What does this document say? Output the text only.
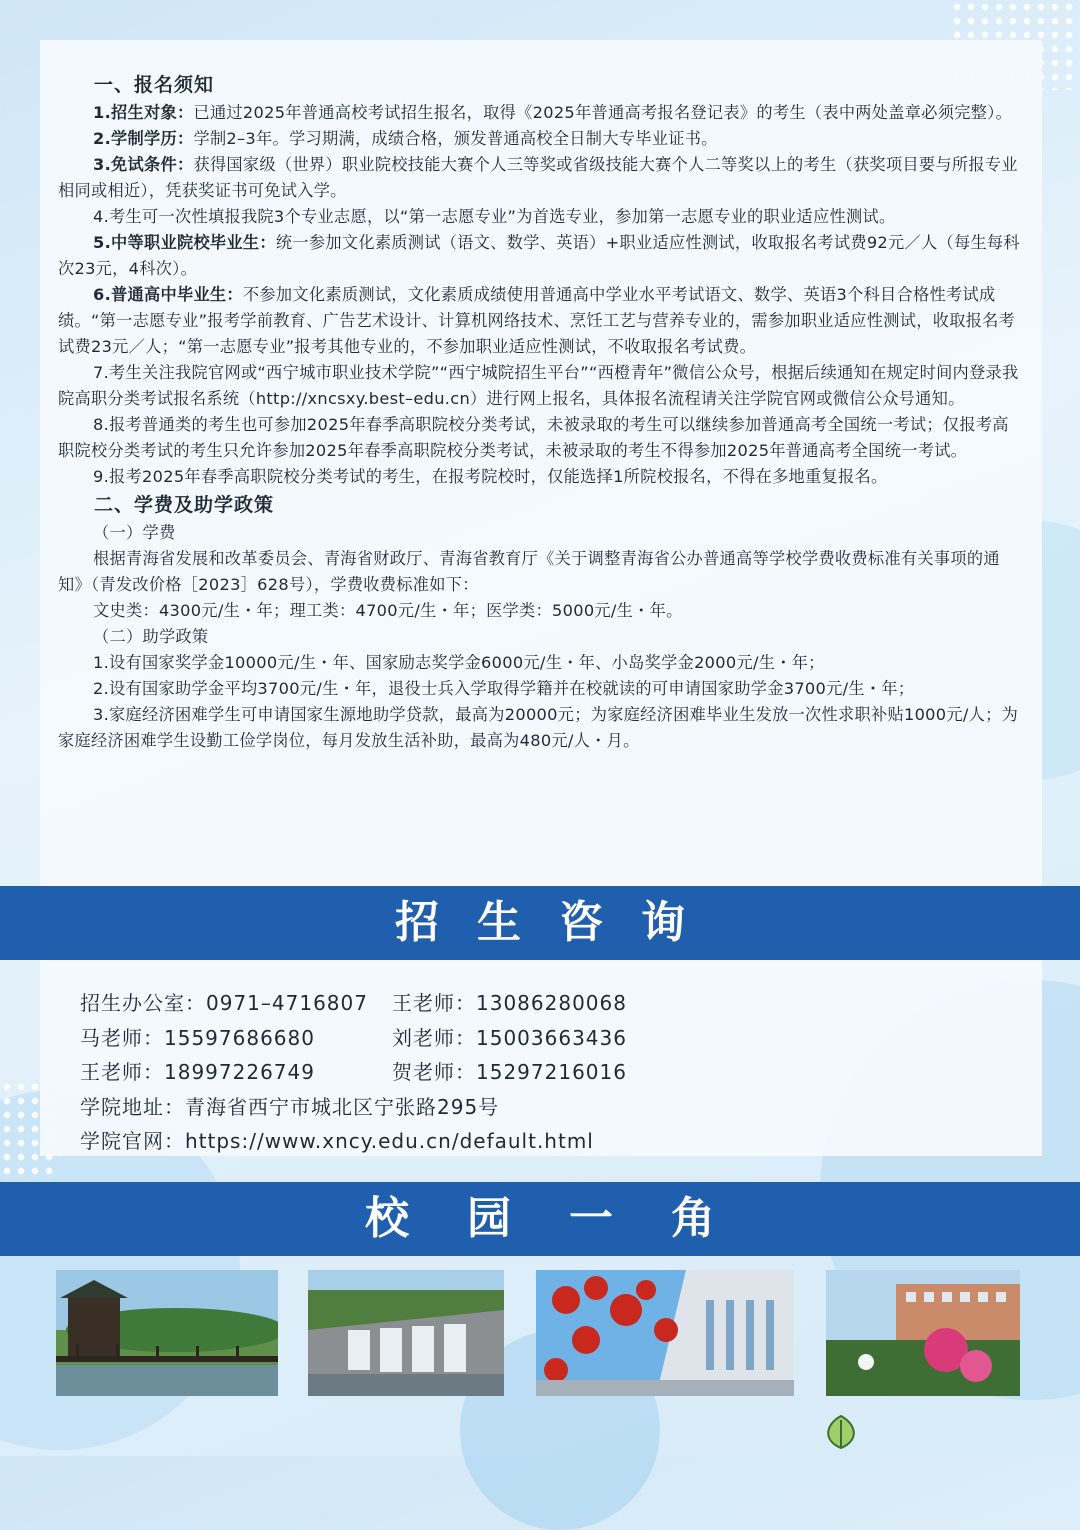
一、报名须知

1.招生对象：已通过2025年普通高校考试招生报名，取得《2025年普通高考报名登记表》的考生（表中两处盖章必须完整）。

2.学制学历：学制2–3年。学习期满，成绩合格，颁发普通高校全日制大专毕业证书。

3.免试条件：获得国家级（世界）职业院校技能大赛个人三等奖或省级技能大赛个人二等奖以上的考生（获奖项目要与所报专业相同或相近），凭获奖证书可免试入学。

4.考生可一次性填报我院3个专业志愿，以“第一志愿专业”为首选专业，参加第一志愿专业的职业适应性测试。

5.中等职业院校毕业生：统一参加文化素质测试（语文、数学、英语）+职业适应性测试，收取报名考试费92元／人（每生每科次23元，4科次）。

6.普通高中毕业生：不参加文化素质测试，文化素质成绩使用普通高中学业水平考试语文、数学、英语3个科目合格性考试成绩。“第一志愿专业”报考学前教育、广告艺术设计、计算机网络技术、烹饪工艺与营养专业的，需参加职业适应性测试，收取报名考试费23元／人；“第一志愿专业”报考其他专业的，不参加职业适应性测试，不收取报名考试费。

7.考生关注我院官网或“西宁城市职业技术学院”“西宁城院招生平台”“西橙青年”微信公众号，根据后续通知在规定时间内登录我院高职分类考试报名系统（http://xncsxy.best–edu.cn）进行网上报名，具体报名流程请关注学院官网或微信公众号通知。

8.报考普通类的考生也可参加2025年春季高职院校分类考试，未被录取的考生可以继续参加普通高考全国统一考试；仅报考高职院校分类考试的考生只允许参加2025年春季高职院校分类考试，未被录取的考生不得参加2025年普通高考全国统一考试。

9.报考2025年春季高职院校分类考试的考生，在报考院校时，仅能选择1所院校报名，不得在多地重复报名。

二、学费及助学政策

（一）学费

根据青海省发展和改革委员会、青海省财政厅、青海省教育厅《关于调整青海省公办普通高等学校学费收费标准有关事项的通知》（青发改价格［2023］628号），学费收费标准如下：

文史类：4300元/生・年；理工类：4700元/生・年；医学类：5000元/生・年。

（二）助学政策

1.设有国家奖学金10000元/生・年、国家励志奖学金6000元/生・年、小岛奖学金2000元/生・年；

2.设有国家助学金平均3700元/生・年，退役士兵入学取得学籍并在校就读的可申请国家助学金3700元/生・年；

3.家庭经济困难学生可申请国家生源地助学贷款，最高为20000元；为家庭经济困难毕业生发放一次性求职补贴1000元/人；为家庭经济困难学生设勤工俭学岗位，每月发放生活补助，最高为480元/人・月。

招生咨询
招生办公室：0971–4716807	王老师：13086280068
马老师：15597686680	刘老师：15003663436
王老师：18997226749	贺老师：15297216016
学院地址：青海省西宁市城北区宁张路295号
学院官网：https://www.xncy.edu.cn/default.html
校园一角
